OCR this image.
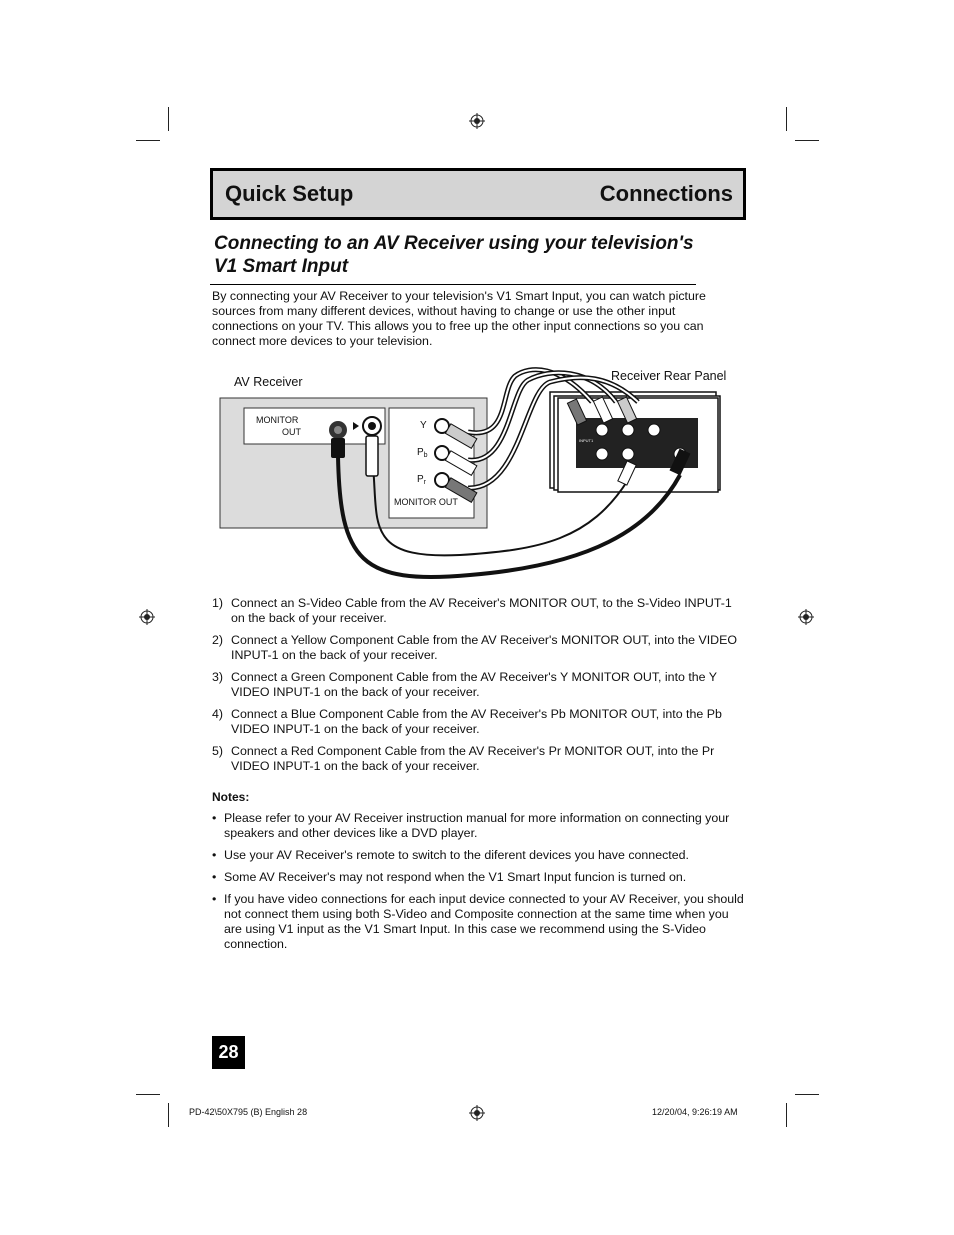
Quick Setup	Connections
Connecting to an AV Receiver using your television's V1 Smart Input
By connecting your AV Receiver to your television's V1 Smart Input, you can watch picture sources from many different devices, without having to change or use the other input connections on your TV. This allows you to free up the other input connections so you can connect more devices to your television.
AV Receiver	Receiver Rear Panel
MONITOR
OUT
Y
$P_b$
$P_r$
MONITOR OUT
INPUT1
1) Connect an S-Video Cable from the AV Receiver's MONITOR OUT, to the S-Video INPUT-1 on the back of your receiver.
2) Connect a Yellow Component Cable from the AV Receiver's MONITOR OUT, into the VIDEO INPUT-1 on the back of your receiver.
3) Connect a Green Component Cable from the AV Receiver's Y MONITOR OUT, into the Y VIDEO INPUT-1 on the back of your receiver.
4) Connect a Blue Component Cable from the AV Receiver's Pb MONITOR OUT, into the Pb VIDEO INPUT-1 on the back of your receiver.
5) Connect a Red Component Cable from the AV Receiver's Pr MONITOR OUT, into the Pr VIDEO INPUT-1 on the back of your receiver.
Notes:
• Please refer to your AV Receiver instruction manual for more information on connecting your speakers and other devices like a DVD player.
• Use your AV Receiver's remote to switch to the diferent devices you have connected.
• Some AV Receiver's may not respond when the V1 Smart Input funcion is turned on.
• If you have video connections for each input device connected to your AV Receiver, you should not connect them using both S-Video and Composite connection at the same time when you are using V1 input as the V1 Smart Input. In this case we recommend using the S-Video connection.
28
PD-42\50X795 (B) English 28	12/20/04, 9:26:19 AM
